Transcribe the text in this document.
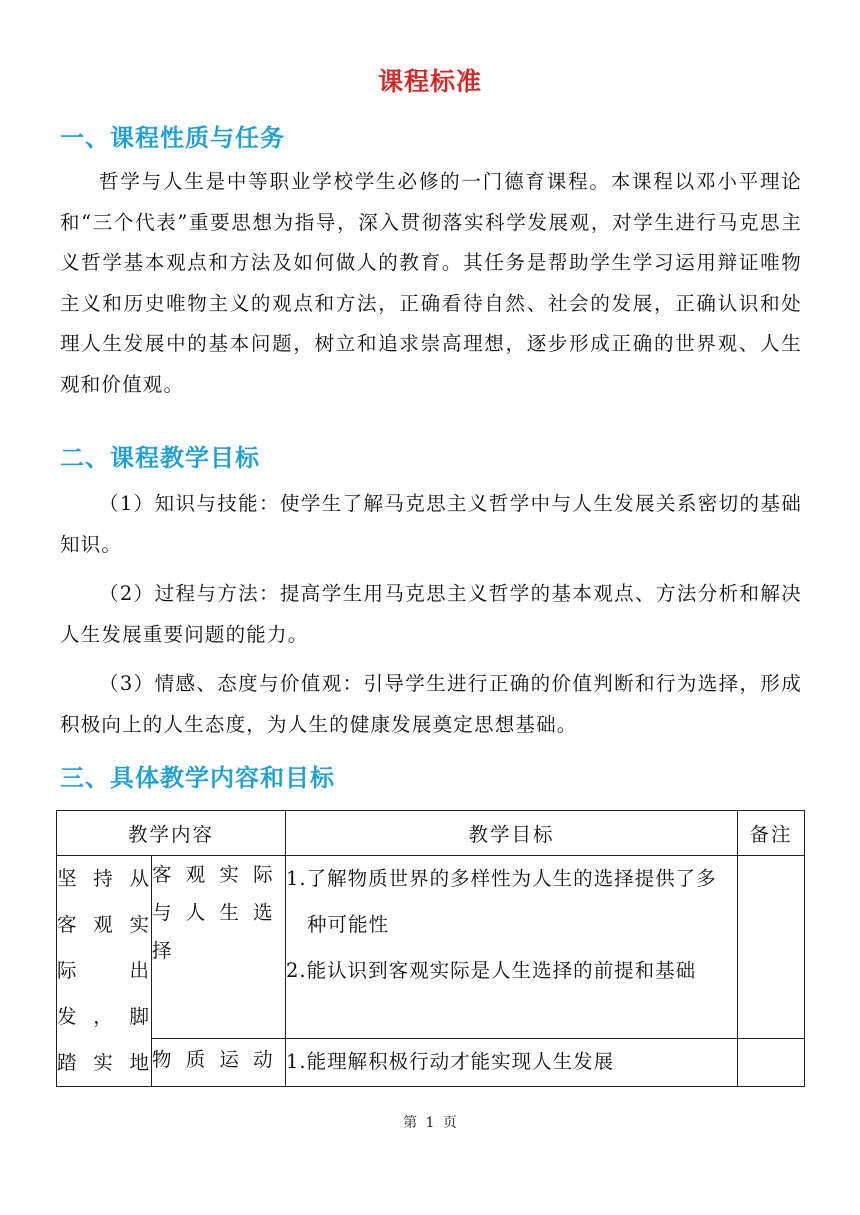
课程标准
一、课程性质与任务
哲学与人生是中等职业学校学生必修的一门德育课程。本课程以邓小平理论和“三个代表”重要思想为指导，深入贯彻落实科学发展观，对学生进行马克思主义哲学基本观点和方法及如何做人的教育。其任务是帮助学生学习运用辩证唯物主义和历史唯物主义的观点和方法，正确看待自然、社会的发展，正确认识和处理人生发展中的基本问题，树立和追求崇高理想，逐步形成正确的世界观、人生观和价值观。
二、课程教学目标
（1）知识与技能：使学生了解马克思主义哲学中与人生发展关系密切的基础知识。
（2）过程与方法：提高学生用马克思主义哲学的基本观点、方法分析和解决人生发展重要问题的能力。
（3）情感、态度与价值观：引导学生进行正确的价值判断和行为选择，形成积极向上的人生态度，为人生的健康发展奠定思想基础。
三、具体教学内容和目标
教学内容		教学目标	备注

坚持从
客观实
际　出
发，脚
踏实地	客 观 实 际
与 人 生 选
择	1.了解物质世界的多样性为人生的选择提供了多种可能性
2.能认识到客观实际是人生选择的前提和基础	

	物 质 运 动	1.能理解积极行动才能实现人生发展	

第 1 页
